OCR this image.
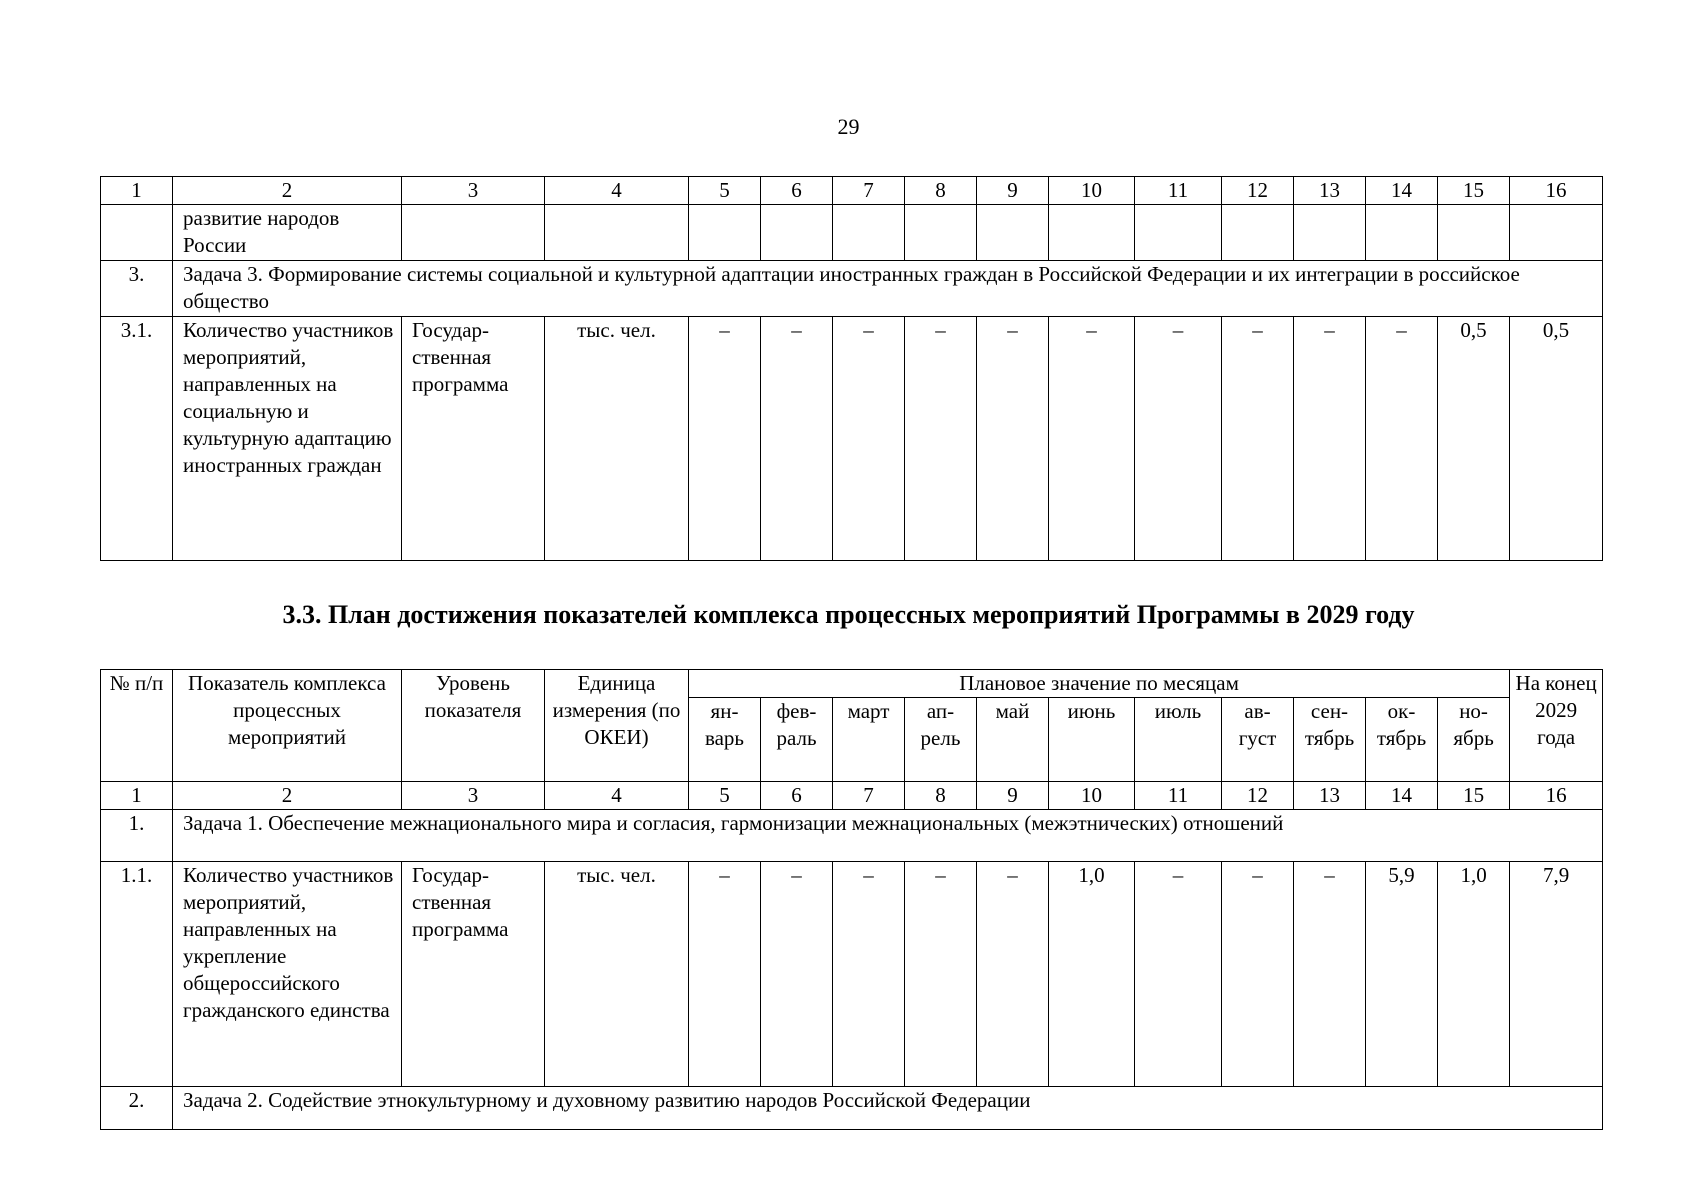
29
1	2	3	4	5	6	7	8	9	10	11	12	13	14	15	16
	развитие народов России														
3.	Задача 3. Формирование системы социальной и культурной адаптации иностранных граждан в Российской Федерации и их интеграции в российское общество														
3.1.	Количество участников мероприятий, направленных на социальную и культурную адаптацию иностранных граждан	Государ-ственная программа	тыс. чел.	–	–	–	–	–	–	–	–	–	–	0,5	0,5
3.3. План достижения показателей комплекса процессных мероприятий Программы в 2029 году
№ п/п	Показатель комплекса процессных мероприятий	Уровень показателя	Единица измерения (по ОКЕИ)	Плановое значение по месяцам											На конец 2029 года
				ян-варь	фев-раль	март	ап-рель	май	июнь	июль	ав-густ	сен-тябрь	ок-тябрь	но-ябрь	
1	2	3	4	5	6	7	8	9	10	11	12	13	14	15	16
1.	Задача 1. Обеспечение межнационального мира и согласия, гармонизации межнациональных (межэтнических) отношений														
1.1.	Количество участников мероприятий, направленных на укрепление общероссийского гражданского единства	Государ-ственная программа	тыс. чел.	–	–	–	–	–	1,0	–	–	–	5,9	1,0	7,9
2.	Задача 2. Содействие этнокультурному и духовному развитию народов Российской Федерации														
